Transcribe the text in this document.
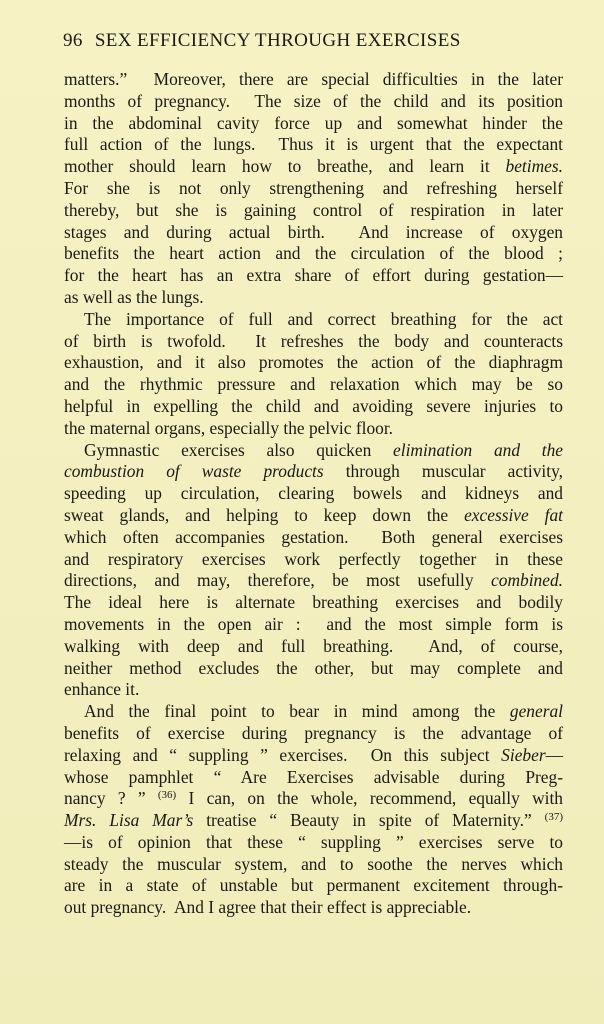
96 SEX EFFICIENCY THROUGH EXERCISES
matters.”  Moreover, there are special difficulties in the later
months of pregnancy.  The size of the child and its position
in the abdominal cavity force up and somewhat hinder the
full action of the lungs.  Thus it is urgent that the expectant
mother should learn how to breathe, and learn it betimes.
For she is not only strengthening and refreshing herself
thereby, but she is gaining control of respiration in later
stages and during actual birth.  And increase of oxygen
benefits the heart action and the circulation of the blood ;
for the heart has an extra share of effort during gestation—
as well as the lungs.
The importance of full and correct breathing for the act
of birth is twofold.  It refreshes the body and counteracts
exhaustion, and it also promotes the action of the diaphragm
and the rhythmic pressure and relaxation which may be so
helpful in expelling the child and avoiding severe injuries to
the maternal organs, especially the pelvic floor.
Gymnastic exercises also quicken elimination and the
combustion of waste products through muscular activity,
speeding up circulation, clearing bowels and kidneys and
sweat glands, and helping to keep down the excessive fat
which often accompanies gestation.  Both general exercises
and respiratory exercises work perfectly together in these
directions, and may, therefore, be most usefully combined.
The ideal here is alternate breathing exercises and bodily
movements in the open air :  and the most simple form is
walking with deep and full breathing.  And, of course,
neither method excludes the other, but may complete and
enhance it.
And the final point to bear in mind among the general
benefits of exercise during pregnancy is the advantage of
relaxing and “ suppling ” exercises.  On this subject Sieber—
whose pamphlet “ Are Exercises advisable during Preg-
nancy ? ” $^{(36)}$ I can, on the whole, recommend, equally with
Mrs. Lisa Mar’s treatise “ Beauty in spite of Maternity.” $^{(37)}$
—is of opinion that these “ suppling ” exercises serve to
steady the muscular system, and to soothe the nerves which
are in a state of unstable but permanent excitement through-
out pregnancy.  And I agree that their effect is appreciable.
